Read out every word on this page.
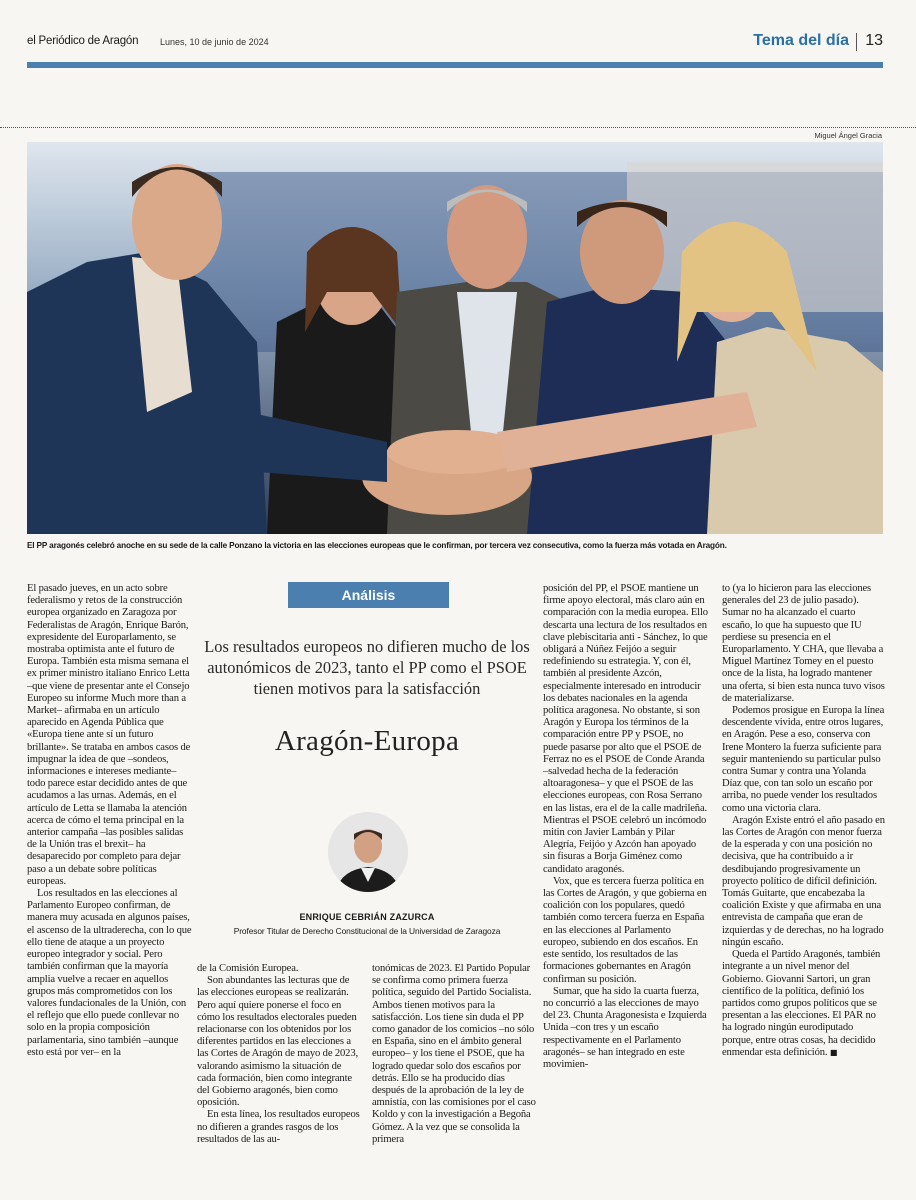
el Periódico de Aragón Lunes, 10 de junio de 2024	Tema del día 13
Miguel Ángel Gracia
El PP aragonés celebró anoche en su sede de la calle Ponzano la victoria en las elecciones europeas que le confirman, por tercera vez consecutiva, como la fuerza más votada en Aragón.

El pasado jueves, en un acto sobre federalismo y retos de la construcción europea organizado en Zaragoza por Federalistas de Aragón, Enrique Barón, expresidente del Europarlamento, se mostraba optimista ante el futuro de Europa. También esta misma semana el ex primer ministro italiano Enrico Letta –que viene de presentar ante el Consejo Europeo su informe Much more than a Market– afirmaba en un artículo aparecido en Agenda Pública que «Europa tiene ante sí un futuro brillante». Se trataba en ambos casos de impugnar la idea de que –sondeos, informaciones e intereses mediante– todo parece estar decidido antes de que acudamos a las urnas. Además, en el artículo de Letta se llamaba la atención acerca de cómo el tema principal en la anterior campaña –las posibles salidas de la Unión tras el brexit– ha desaparecido por completo para dejar paso a un debate sobre políticas europeas.

Los resultados en las elecciones al Parlamento Europeo confirman, de manera muy acusada en algunos países, el ascenso de la ultraderecha, con lo que ello tiene de ataque a un proyecto europeo integrador y social. Pero también confirman que la mayoría amplia vuelve a recaer en aquellos grupos más comprometidos con los valores fundacionales de la Unión, con el reflejo que ello puede conllevar no solo en la propia composición parlamentaria, sino también –aunque esto está por ver– en la

Análisis
Los resultados europeos no difieren mucho de los autonómicos de 2023, tanto el PP como el PSOE tienen motivos para la satisfacción
Aragón-Europa
ENRIQUE CEBRIÁN ZAZURCA
Profesor Titular de Derecho Constitucional de la Universidad de Zaragoza

de la Comisión Europea.

Son abundantes las lecturas que de las elecciones europeas se realizarán. Pero aquí quiere ponerse el foco en cómo los resultados electorales pueden relacionarse con los obtenidos por los diferentes partidos en las elecciones a las Cortes de Aragón de mayo de 2023, valorando asimismo la situación de cada formación, bien como integrante del Gobierno aragonés, bien como oposición.

En esta línea, los resultados europeos no difieren a grandes rasgos de los resultados de las au-

tonómicas de 2023. El Partido Popular se confirma como primera fuerza política, seguido del Partido Socialista. Ambos tienen motivos para la satisfacción. Los tiene sin duda el PP como ganador de los comicios –no sólo en España, sino en el ámbito general europeo– y los tiene el PSOE, que ha logrado quedar solo dos escaños por detrás. Ello se ha producido días después de la aprobación de la ley de amnistía, con las comisiones por el caso Koldo y con la investigación a Begoña Gómez. A la vez que se consolida la primera

posición del PP, el PSOE mantiene un firme apoyo electoral, más claro aún en comparación con la media europea. Ello descarta una lectura de los resultados en clave plebiscitaria anti - Sánchez, lo que obligará a Núñez Feijóo a seguir redefiniendo su estrategia. Y, con él, también al presidente Azcón, especialmente interesado en introducir los debates nacionales en la agenda política aragonesa. No obstante, si son Aragón y Europa los términos de la comparación entre PP y PSOE, no puede pasarse por alto que el PSOE de Ferraz no es el PSOE de Conde Aranda –salvedad hecha de la federación altoaragonesa– y que el PSOE de las elecciones europeas, con Rosa Serrano en las listas, era el de la calle madrileña. Mientras el PSOE celebró un incómodo mitin con Javier Lambán y Pilar Alegría, Feijóo y Azcón han apoyado sin fisuras a Borja Giménez como candidato aragonés.

Vox, que es tercera fuerza política en las Cortes de Aragón, y que gobierna en coalición con los populares, quedó también como tercera fuerza en España en las elecciones al Parlamento europeo, subiendo en dos escaños. En este sentido, los resultados de las formaciones gobernantes en Aragón confirman su posición.

Sumar, que ha sido la cuarta fuerza, no concurrió a las elecciones de mayo del 23. Chunta Aragonesista e Izquierda Unida –con tres y un escaño respectivamente en el Parlamento aragonés– se han integrado en este movimien-

to (ya lo hicieron para las elecciones generales del 23 de julio pasado). Sumar no ha alcanzado el cuarto escaño, lo que ha supuesto que IU perdiese su presencia en el Europarlamento. Y CHA, que llevaba a Miguel Martínez Tomey en el puesto once de la lista, ha logrado mantener una oferta, si bien esta nunca tuvo visos de materializarse.

Podemos prosigue en Europa la línea descendente vivida, entre otros lugares, en Aragón. Pese a eso, conserva con Irene Montero la fuerza suficiente para seguir manteniendo su particular pulso contra Sumar y contra una Yolanda Díaz que, con tan solo un escaño por arriba, no puede vender los resultados como una victoria clara.

Aragón Existe entró el año pasado en las Cortes de Aragón con menor fuerza de la esperada y con una posición no decisiva, que ha contribuido a ir desdibujando progresivamente un proyecto político de difícil definición. Tomás Guitarte, que encabezaba la coalición Existe y que afirmaba en una entrevista de campaña que eran de izquierdas y de derechas, no ha logrado ningún escaño.

Queda el Partido Aragonés, también integrante a un nivel menor del Gobierno. Giovanni Sartori, un gran científico de la política, definió los partidos como grupos políticos que se presentan a las elecciones. El PAR no ha logrado ningún eurodiputado porque, entre otras cosas, ha decidido enmendar esta definición. ■
